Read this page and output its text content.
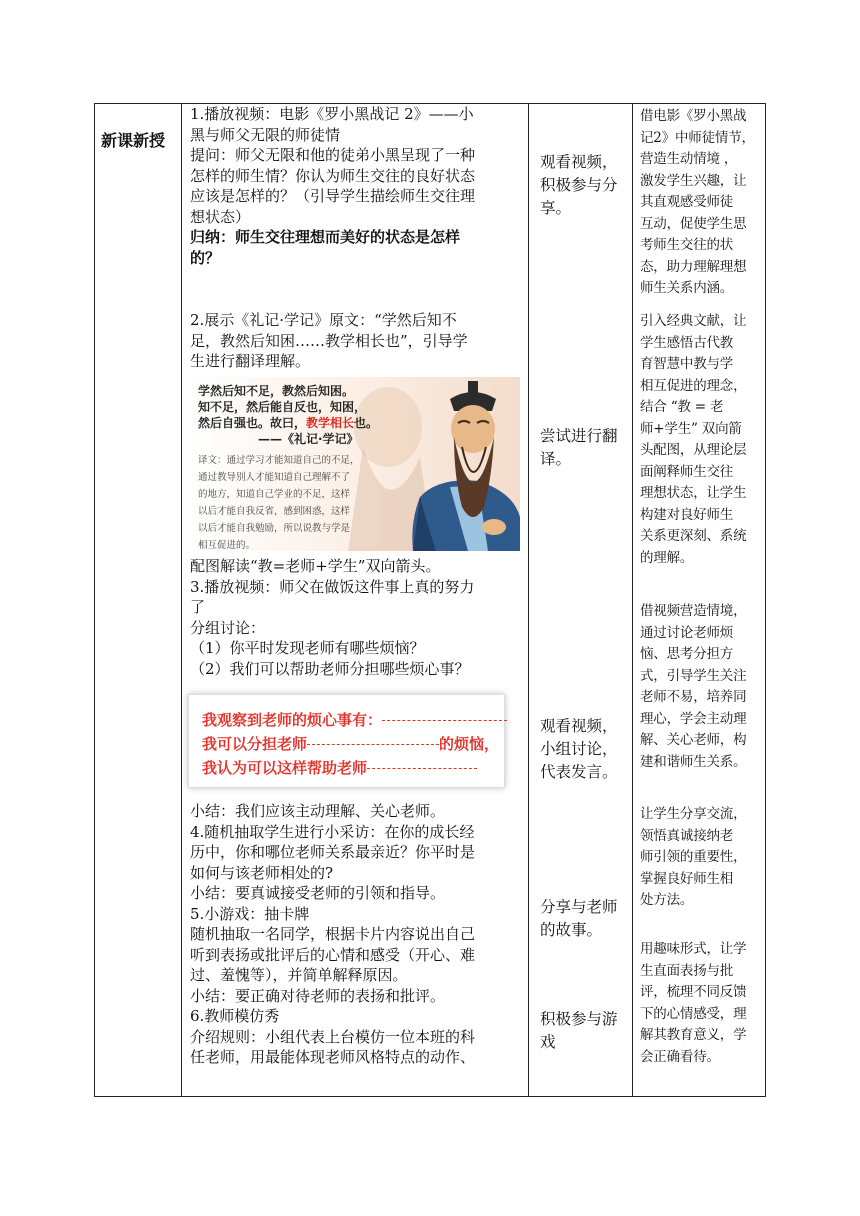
新课新授

1.播放视频：电影《罗小黑战记 2》——小

黑与师父无限的师徒情

提问：师父无限和他的徒弟小黑呈现了一种

怎样的师生情？你认为师生交往的良好状态

应该是怎样的？（引导学生描绘师生交往理

想状态）

归纳：师生交往理想而美好的状态是怎样

的？

2.展示《礼记·学记》原文：“学然后知不

足，教然后知困……教学相长也”，引导学

生进行翻译理解。

学然后知不足，教然后知困。
知不足，然后能自反也，知困，
然后自强也。故曰，教学相长也。
——《礼记·学记》
译文：通过学习才能知道自己的不足，
通过教导别人才能知道自己理解不了
的地方，知道自己学业的不足，这样
以后才能自我反省，感到困惑，这样
以后才能自我勉励，所以说教与学是
相互促进的。

配图解读“教=老师+学生”双向箭头。

3.播放视频：师父在做饭这件事上真的努力

了

分组讨论：

（1）你平时发现老师有哪些烦恼？

（2）我们可以帮助老师分担哪些烦心事？

我观察到老师的烦心事有：
我可以分担老师	的烦恼，
我认为可以这样帮助老师

小结：我们应该主动理解、关心老师。

4.随机抽取学生进行小采访：在你的成长经

历中，你和哪位老师关系最亲近？你平时是

如何与该老师相处的?

小结：要真诚接受老师的引领和指导。

5.小游戏：抽卡牌

随机抽取一名同学，根据卡片内容说出自己

听到表扬或批评后的心情和感受（开心、难

过、羞愧等），并简单解释原因。

小结：要正确对待老师的表扬和批评。

6.教师模仿秀

介绍规则：小组代表上台模仿一位本班的科

任老师，用最能体现老师风格特点的动作、

观看视频，

积极参与分

享。

尝试进行翻

译。

观看视频，

小组讨论，

代表发言。

分享与老师

的故事。

积极参与游

戏

借电影《罗小黑战

记2》中师徒情节，

营造生动情境 ，

激发学生兴趣，让

其直观感受师徒

互动，促使学生思

考师生交往的状

态，助力理解理想

师生关系内涵。

引入经典文献，让

学生感悟古代教

育智慧中教与学

相互促进的理念，

结合 “教 = 老

师+学生” 双向箭

头配图，从理论层

面阐释师生交往

理想状态，让学生

构建对良好师生

关系更深刻、系统

的理解。

借视频营造情境，

通过讨论老师烦

恼、思考分担方

式，引导学生关注

老师不易，培养同

理心，学会主动理

解、关心老师，构

建和谐师生关系。

让学生分享交流，

领悟真诚接纳老

师引领的重要性，

掌握良好师生相

处方法。

用趣味形式，让学

生直面表扬与批

评，梳理不同反馈

下的心情感受，理

解其教育意义，学

会正确看待。
